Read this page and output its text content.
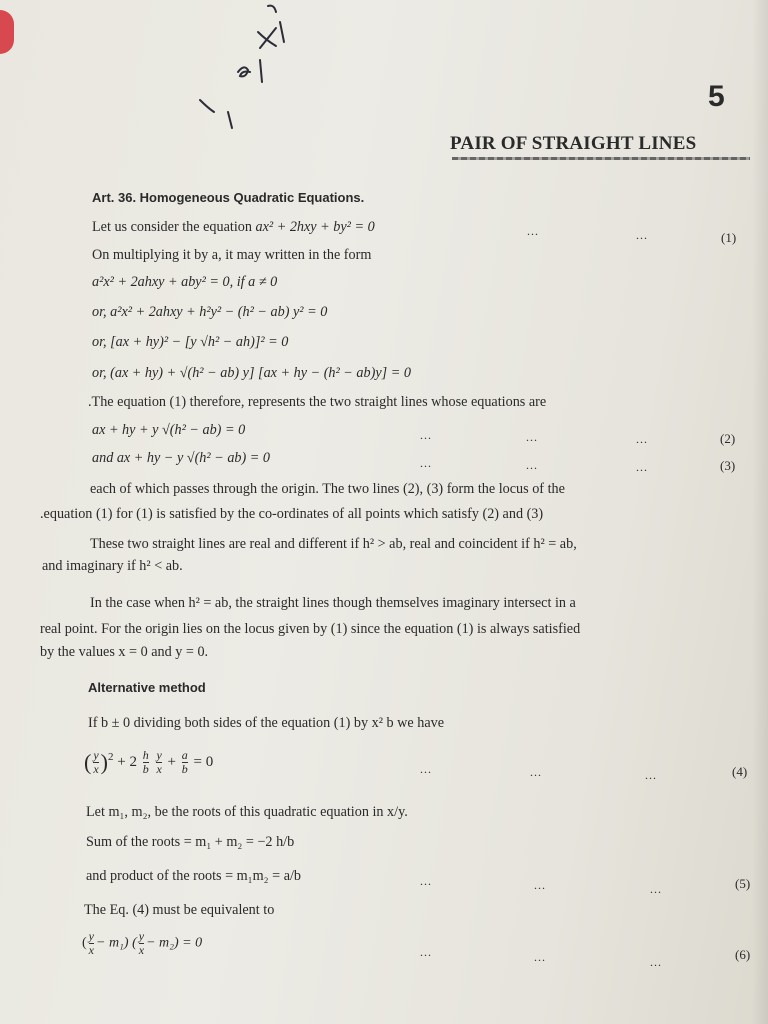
5
PAIR OF STRAIGHT LINES
Art. 36. Homogeneous Quadratic Equations.
Let us consider the equation ax² + 2hxy + by² = 0	...	...	(1)
On multiplying it by a, it may written in the form
a²x² + 2ahxy + aby² = 0, if a ≠ 0
or, a²x² + 2ahxy + h²y² − (h² − ab) y² = 0
or, [ax + hy)² − [y √h² − ah)]² = 0
or, (ax + hy) + √(h² − ab) y] [ax + hy − (h² − ab)y] = 0
.The equation (1) therefore, represents the two straight lines whose equations are
ax + hy + y √(h² − ab) = 0	...	...	...	(2)
and ax + hy − y √(h² − ab) = 0	...	...	...	(3)
each of which passes through the origin. The two lines (2), (3) form the locus of the
.equation (1) for (1) is satisfied by the co-ordinates of all points which satisfy (2) and (3)
These two straight lines are real and different if h² > ab, real and coincident if h² = ab,
and imaginary if h² < ab.
In the case when h² = ab, the straight lines though themselves imaginary intersect in a
real point. For the origin lies on the locus given by (1) since the equation (1) is always satisfied
by the values x = 0 and y = 0.
Alternative method
If b ± 0 dividing both sides of the equation (1) by x² b we have
( $\frac{y}{x} )^2 + 2 \frac{h}{b}$
$\frac{y}{x} + \frac{a}{b} = 0$	...	...	...	(4)
Let m₁, m₂, be the roots of this quadratic equation in x/y.
Sum of the roots = m₁ + m₂ = −2 h/b
and product of the roots = m₁m₂ = a/b	...	...	...	(5)
The Eq. (4) must be equivalent to
( $\frac{y}{x} - m_1$) ( $\frac{y}{x} - m_2) = 0$
...	...	...	(6)
